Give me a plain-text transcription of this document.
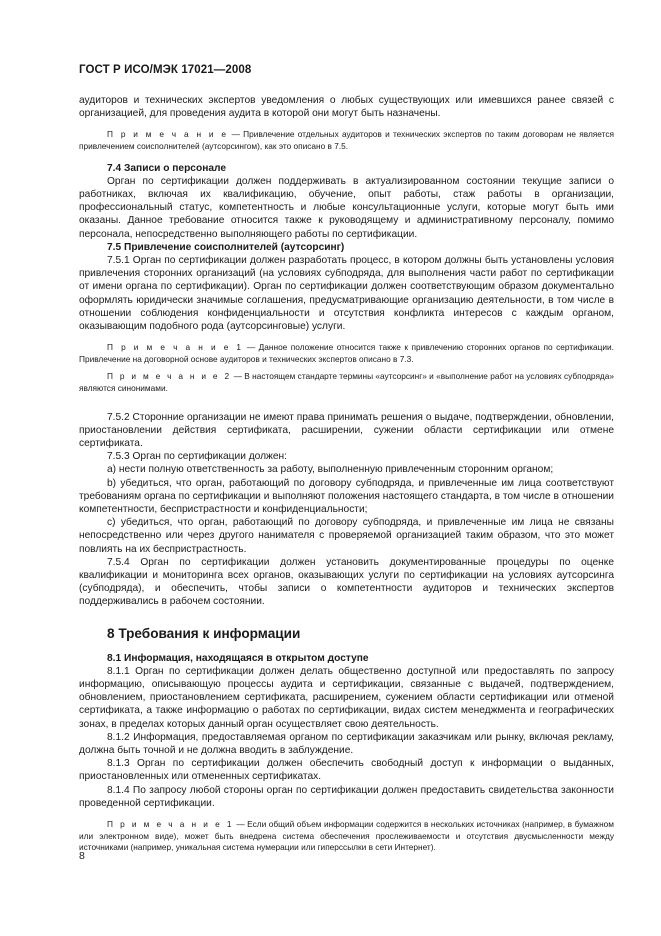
ГОСТ Р ИСО/МЭК 17021—2008

аудиторов и технических экспертов уведомления о любых существующих или имевшихся ранее связей с организацией, для проведения аудита в которой они могут быть назначены.

П р и м е ч а н и е — Привлечение отдельных аудиторов и технических экспертов по таким договорам не является привлечением соисполнителей (аутсорсингом), как это описано в 7.5.
7.4 Записи о персонале

Орган по сертификации должен поддерживать в актуализированном состоянии текущие записи о работниках, включая их квалификацию, обучение, опыт работы, стаж работы в организации, профессиональный статус, компетентность и любые консультационные услуги, которые могут быть ими оказаны. Данное требование относится также к руководящему и административному персоналу, помимо персонала, непосредственно выполняющего работы по сертификации.

7.5 Привлечение соисполнителей (аутсорсинг)

7.5.1 Орган по сертификации должен разработать процесс, в котором должны быть установлены условия привлечения сторонних организаций (на условиях субподряда, для выполнения части работ по сертификации от имени органа по сертификации). Орган по сертификации должен соответствующим образом документально оформлять юридически значимые соглашения, предусматривающие организацию деятельности, в том числе в отношении соблюдения конфиденциальности и отсутствия конфликта интересов с каждым органом, оказывающим подобного рода (аутсорсинговые) услуги.

П р и м е ч а н и е 1 — Данное положение относится также к привлечению сторонних органов по сертификации. Привлечение на договорной основе аудиторов и технических экспертов описано в 7.3.
П р и м е ч а н и е 2 — В настоящем стандарте термины «аутсорсинг» и «выполнение работ на условиях субподряда» являются синонимами.

7.5.2 Сторонние организации не имеют права принимать решения о выдаче, подтверждении, обновлении, приостановлении действия сертификата, расширении, сужении области сертификации или отмене сертификата.

7.5.3 Орган по сертификации должен:

a) нести полную ответственность за работу, выполненную привлеченным сторонним органом;

b) убедиться, что орган, работающий по договору субподряда, и привлеченные им лица соответствуют требованиям органа по сертификации и выполняют положения настоящего стандарта, в том числе в отношении компетентности, беспристрастности и конфиденциальности;

c) убедиться, что орган, работающий по договору субподряда, и привлеченные им лица не связаны непосредственно или через другого нанимателя с проверяемой организацией таким образом, что это может повлиять на их беспристрастность.

7.5.4 Орган по сертификации должен установить документированные процедуры по оценке квалификации и мониторинга всех органов, оказывающих услуги по сертификации на условиях аутсорсинга (субподряда), и обеспечить, чтобы записи о компетентности аудиторов и технических экспертов поддерживались в рабочем состоянии.

8 Требования к информации
8.1 Информация, находящаяся в открытом доступе

8.1.1 Орган по сертификации должен делать общественно доступной или предоставлять по запросу информацию, описывающую процессы аудита и сертификации, связанные с выдачей, подтверждением, обновлением, приостановлением сертификата, расширением, сужением области сертификации или отменой сертификата, а также информацию о работах по сертификации, видах систем менеджмента и географических зонах, в пределах которых данный орган осуществляет свою деятельность.

8.1.2 Информация, предоставляемая органом по сертификации заказчикам или рынку, включая рекламу, должна быть точной и не должна вводить в заблуждение.

8.1.3 Орган по сертификации должен обеспечить свободный доступ к информации о выданных, приостановленных или отмененных сертификатах.

8.1.4 По запросу любой стороны орган по сертификации должен предоставить свидетельства законности проведенной сертификации.

П р и м е ч а н и е 1 — Если общий объем информации содержится в нескольких источниках (например, в бумажном или электронном виде), может быть внедрена система обеспечения прослеживаемости и отсутствия двусмысленности между источниками (например, уникальная система нумерации или гиперссылки в сети Интернет).
8
